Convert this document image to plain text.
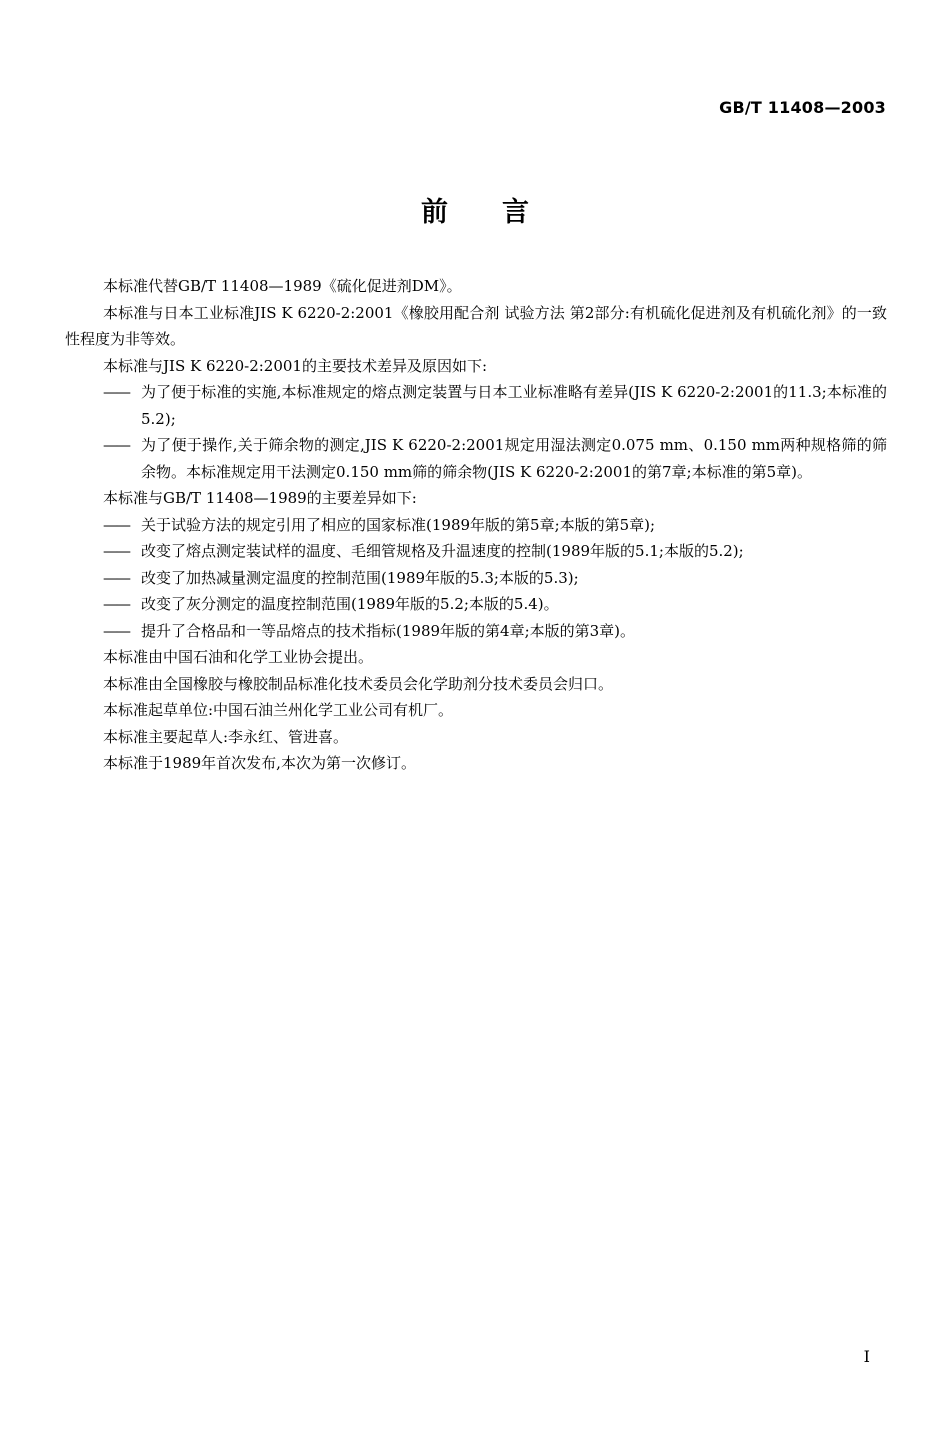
GB/T 11408—2003
前言

本标准代替GB/T 11408—1989《硫化促进剂DM》。

本标准与日本工业标准JIS K 6220-2:2001《橡胶用配合剂 试验方法 第2部分:有机硫化促进剂及有机硫化剂》的一致性程度为非等效。

本标准与JIS K 6220-2:2001的主要技术差异及原因如下:

—— 为了便于标准的实施,本标准规定的熔点测定装置与日本工业标准略有差异(JIS K 6220-2:2001的11.3;本标准的5.2);

—— 为了便于操作,关于筛余物的测定,JIS K 6220-2:2001规定用湿法测定0.075 mm、0.150 mm两种规格筛的筛余物。本标准规定用干法测定0.150 mm筛的筛余物(JIS K 6220-2:2001的第7章;本标准的第5章)。

本标准与GB/T 11408—1989的主要差异如下:

—— 关于试验方法的规定引用了相应的国家标准(1989年版的第5章;本版的第5章);

—— 改变了熔点测定装试样的温度、毛细管规格及升温速度的控制(1989年版的5.1;本版的5.2);

—— 改变了加热减量测定温度的控制范围(1989年版的5.3;本版的5.3);

—— 改变了灰分测定的温度控制范围(1989年版的5.2;本版的5.4)。

—— 提升了合格品和一等品熔点的技术指标(1989年版的第4章;本版的第3章)。

本标准由中国石油和化学工业协会提出。

本标准由全国橡胶与橡胶制品标准化技术委员会化学助剂分技术委员会归口。

本标准起草单位:中国石油兰州化学工业公司有机厂。

本标准主要起草人:李永红、管进喜。

本标准于1989年首次发布,本次为第一次修订。

I
